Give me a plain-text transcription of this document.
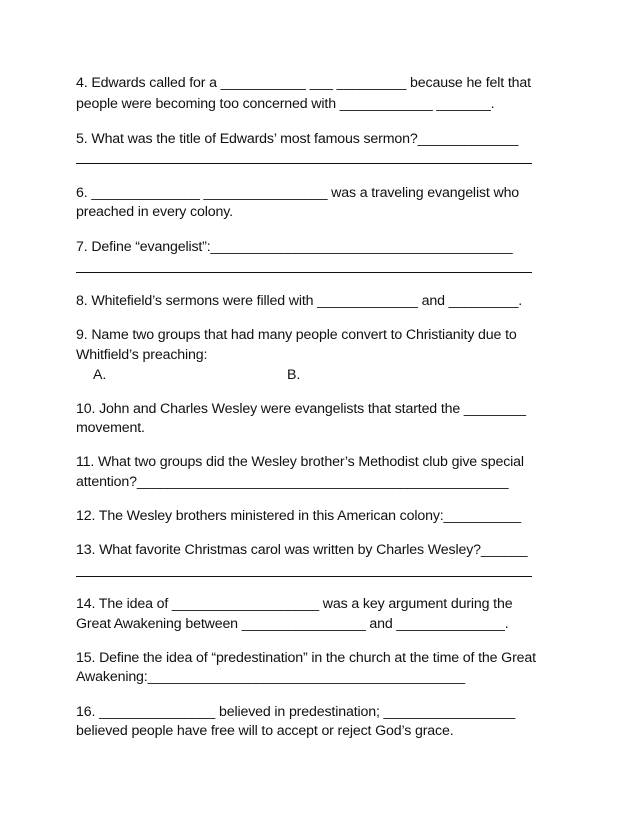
4. Edwards called for a ___________ ___ _________ because he felt that
people were becoming too concerned with ____________ _______.
5. What was the title of Edwards’ most famous sermon?_____________
6. ______________ ________________ was a traveling evangelist who
preached in every colony.
7. Define “evangelist”:_______________________________________
8. Whitefield’s sermons were filled with _____________ and _________.
9. Name two groups that had many people convert to Christianity due to
Whitfield’s preaching:
A.	B.
10. John and Charles Wesley were evangelists that started the ________
movement.
11. What two groups did the Wesley brother’s Methodist club give special
attention?________________________________________________
12. The Wesley brothers ministered in this American colony:__________
13. What favorite Christmas carol was written by Charles Wesley?______
14. The idea of ___________________ was a key argument during the
Great Awakening between ________________ and ______________.
15. Define the idea of “predestination” in the church at the time of the Great
Awakening:_________________________________________
16. _______________ believed in predestination; _________________
believed people have free will to accept or reject God’s grace.
